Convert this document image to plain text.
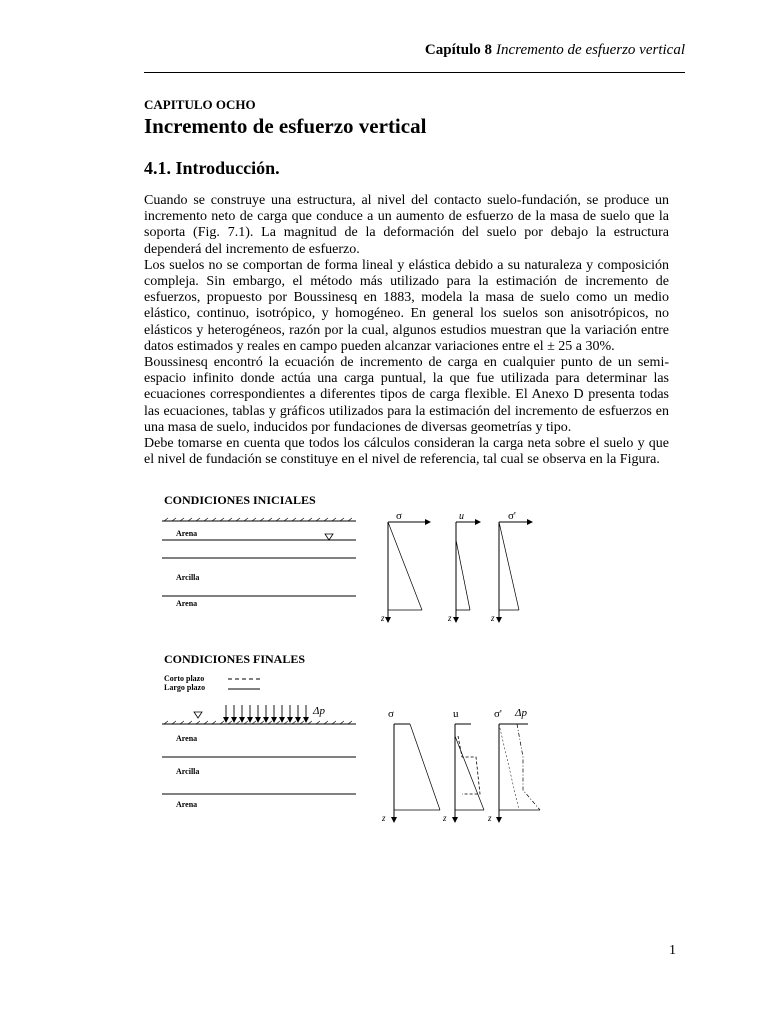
Capítulo 8 Incremento de esfuerzo vertical
CAPITULO OCHO
Incremento de esfuerzo vertical
4.1. Introducción.

Cuando se construye una estructura, al nivel del contacto suelo-fundación, se produce un incremento neto de carga que conduce a un aumento de esfuerzo de la masa de suelo que la soporta (Fig. 7.1). La magnitud de la deformación del suelo por debajo la estructura dependerá del incremento de esfuerzo.

Los suelos no se comportan de forma lineal y elástica debido a su naturaleza y composición compleja. Sin embargo, el método más utilizado para la estimación de incremento de esfuerzos, propuesto por Boussinesq en 1883, modela la masa de suelo como un medio elástico, continuo, isotrópico, y homogéneo. En general los suelos son anisotrópicos, no elásticos y heterogéneos, razón por la cual, algunos estudios muestran que la variación entre datos estimados y reales en campo pueden alcanzar variaciones entre el ± 25 a 30%.

Boussinesq encontró la ecuación de incremento de carga en cualquier punto de un semi-espacio infinito donde actúa una carga puntual, la que fue utilizada para determinar las ecuaciones correspondientes a diferentes tipos de carga flexible. El Anexo D presenta todas las ecuaciones, tablas y gráficos utilizados para la estimación del incremento de esfuerzos en una masa de suelo, inducidos por fundaciones de diversas geometrías y tipo.

Debe tomarse en cuenta que todos los cálculos consideran la carga neta sobre el suelo y que el nivel de fundación se constituye en el nivel de referencia, tal cual se observa en la Figura.

CONDICIONES INICIALES
Arena
Arcilla
Arena
σ
z
u
z
σ'
z
CONDICIONES FINALES
Corto plazo
Largo plazo
Δp
Arena
Arcilla
Arena
σ
z
u
z
σ' Δp
z
1
